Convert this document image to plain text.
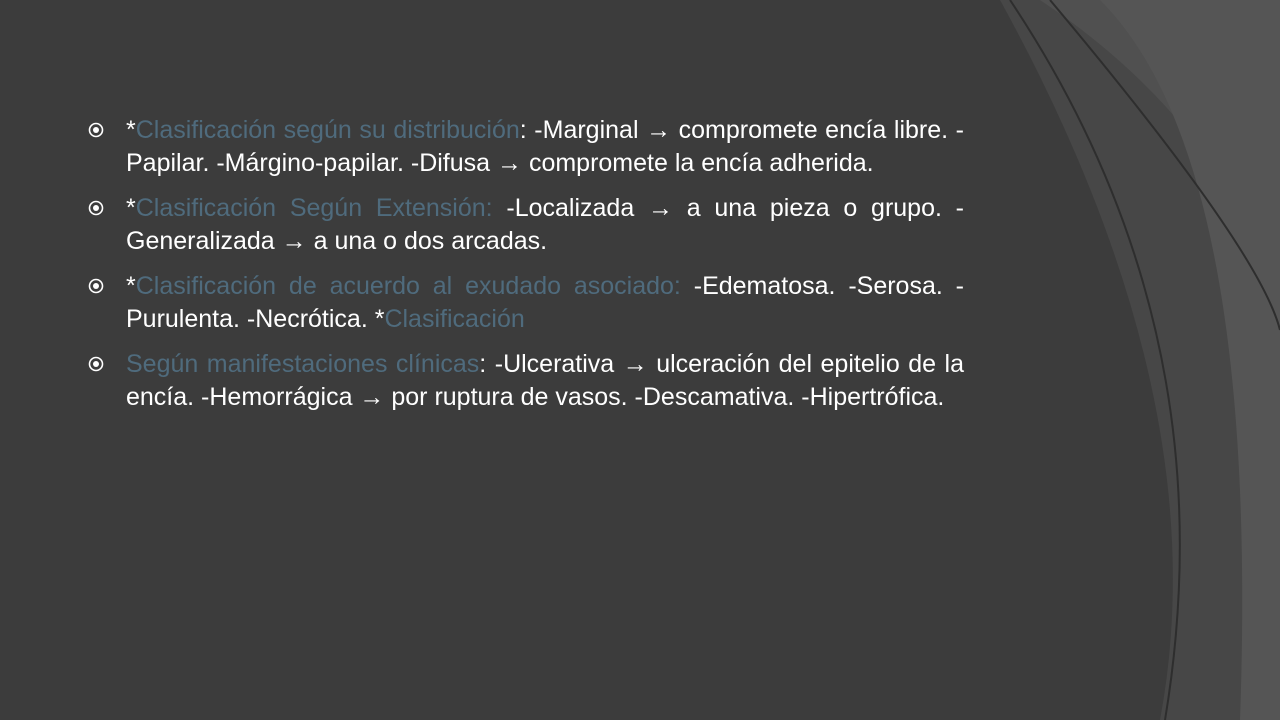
*Clasificación según su distribución: -Marginal → compromete encía libre. -Papilar. -Márgino-papilar. -Difusa → compromete la encía adherida.
*Clasificación Según Extensión: -Localizada → a una pieza o grupo. -Generalizada → a una o dos arcadas.
*Clasificación de acuerdo al exudado asociado: -Edematosa. -Serosa. -Purulenta. -Necrótica. *Clasificación
Según manifestaciones clínicas: -Ulcerativa → ulceración del epitelio de la encía. -Hemorrágica → por ruptura de vasos. -Descamativa. -Hipertrófica.
